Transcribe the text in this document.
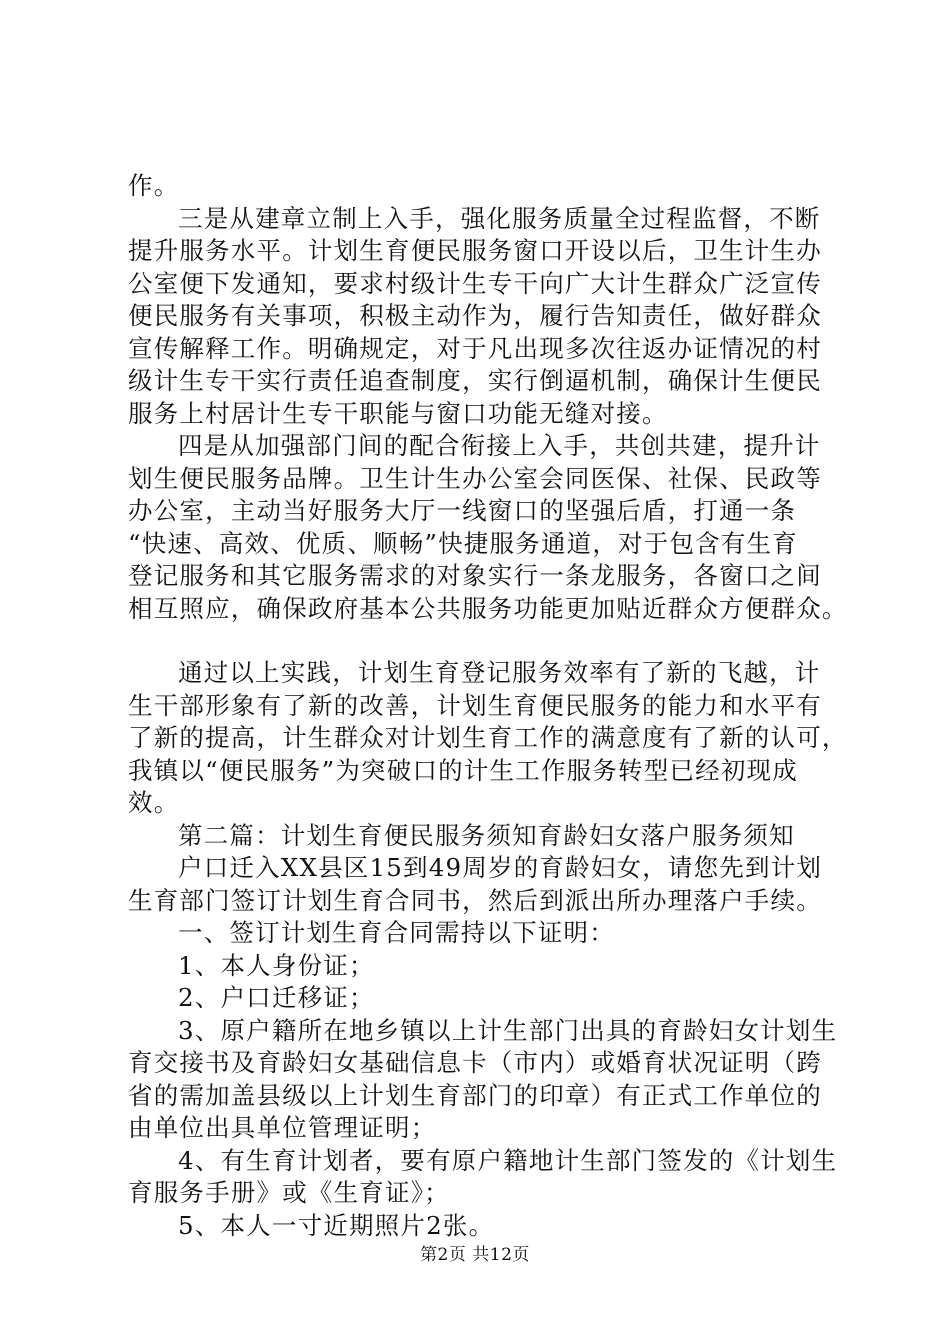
作。
三是从建章立制上入手，强化服务质量全过程监督，不断
提升服务水平。计划生育便民服务窗口开设以后，卫生计生办
公室便下发通知，要求村级计生专干向广大计生群众广泛宣传
便民服务有关事项，积极主动作为，履行告知责任，做好群众
宣传解释工作。明确规定，对于凡出现多次往返办证情况的村
级计生专干实行责任追查制度，实行倒逼机制，确保计生便民
服务上村居计生专干职能与窗口功能无缝对接。
四是从加强部门间的配合衔接上入手，共创共建，提升计
划生便民服务品牌。卫生计生办公室会同医保、社保、民政等
办公室，主动当好服务大厅一线窗口的坚强后盾，打通一条
“快速、高效、优质、顺畅”快捷服务通道，对于包含有生育
登记服务和其它服务需求的对象实行一条龙服务，各窗口之间
相互照应，确保政府基本公共服务功能更加贴近群众方便群众。
通过以上实践，计划生育登记服务效率有了新的飞越，计
生干部形象有了新的改善，计划生育便民服务的能力和水平有
了新的提高，计生群众对计划生育工作的满意度有了新的认可，
我镇以“便民服务”为突破口的计生工作服务转型已经初现成
效。
第二篇：计划生育便民服务须知育龄妇女落户服务须知
户口迁入XX县区15到49周岁的育龄妇女，请您先到计划
生育部门签订计划生育合同书，然后到派出所办理落户手续。
一、签订计划生育合同需持以下证明：
1、本人身份证；
2、户口迁移证；
3、原户籍所在地乡镇以上计生部门出具的育龄妇女计划生
育交接书及育龄妇女基础信息卡（市内）或婚育状况证明（跨
省的需加盖县级以上计划生育部门的印章）有正式工作单位的
由单位出具单位管理证明；
4、有生育计划者，要有原户籍地计生部门签发的《计划生
育服务手册》或《生育证》；
5、本人一寸近期照片2张。
第2页 共12页
